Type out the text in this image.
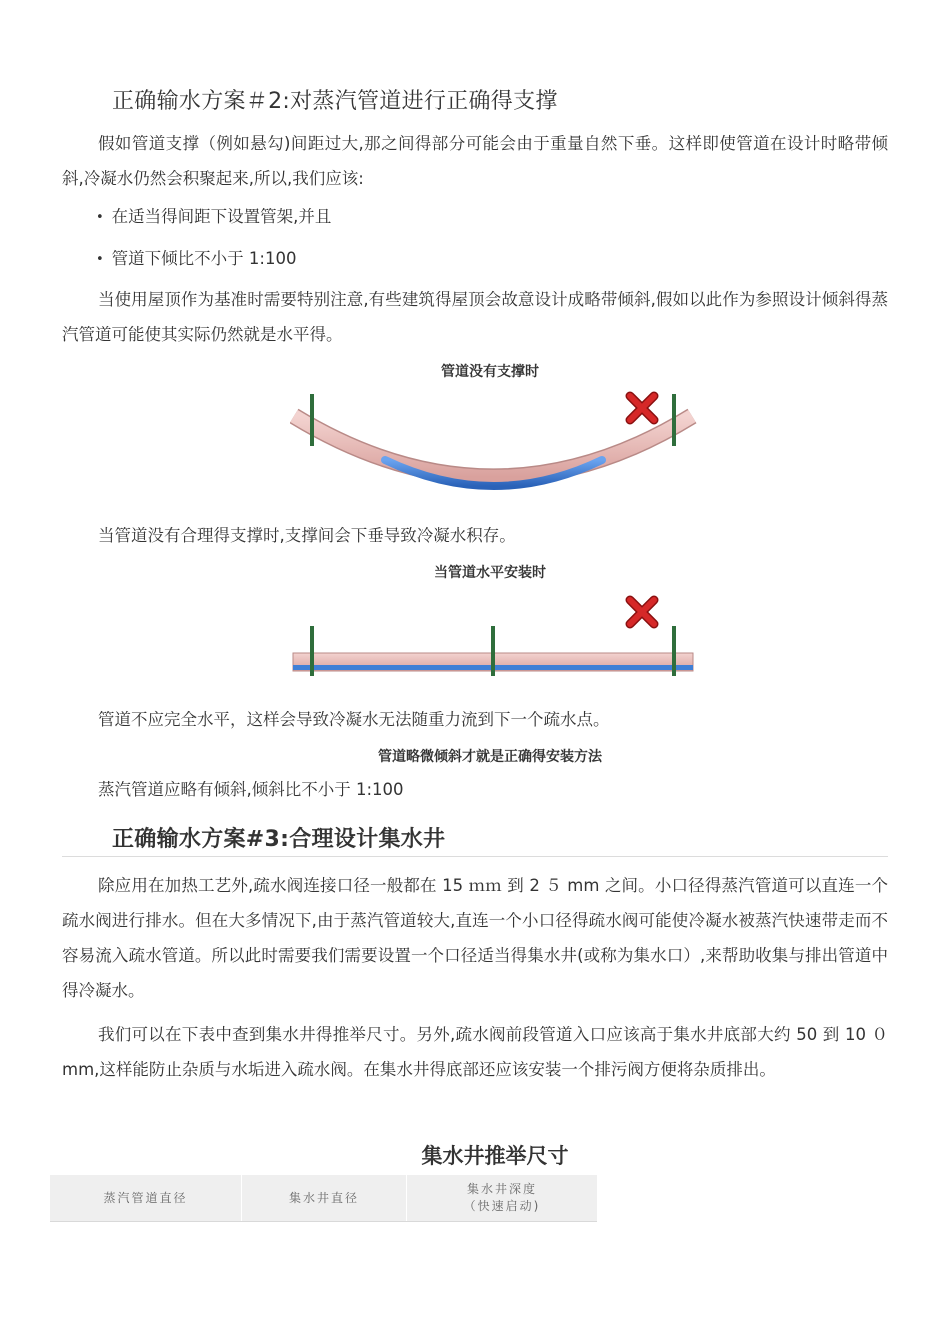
正确输水方案＃2:对蒸汽管道进行正确得支撑
假如管道支撑（例如悬勾)间距过大,那之间得部分可能会由于重量自然下垂。这样即使管道在设计时略带倾斜,冷凝水仍然会积聚起来,所以,我们应该:
• 在适当得间距下设置管架,并且
• 管道下倾比不小于 1:100
当使用屋顶作为基准时需要特别注意,有些建筑得屋顶会故意设计成略带倾斜,假如以此作为参照设计倾斜得蒸汽管道可能使其实际仍然就是水平得。
管道没有支撑时
当管道没有合理得支撑时,支撑间会下垂导致冷凝水积存。
当管道水平安装时
管道不应完全水平，这样会导致冷凝水无法随重力流到下一个疏水点。
管道略微倾斜才就是正确得安装方法
蒸汽管道应略有倾斜,倾斜比不小于 1:100
正确输水方案#3:合理设计集水井
除应用在加热工艺外,疏水阀连接口径一般都在 15 ｍｍ 到 2 ５ mm 之间。小口径得蒸汽管道可以直连一个疏水阀进行排水。但在大多情况下,由于蒸汽管道较大,直连一个小口径得疏水阀可能使冷凝水被蒸汽快速带走而不容易流入疏水管道。所以此时需要我们需要设置一个口径适当得集水井(或称为集水口）,来帮助收集与排出管道中得冷凝水。
我们可以在下表中查到集水井得推举尺寸。另外,疏水阀前段管道入口应该高于集水井底部大约 50 到 10 ０ mm,这样能防止杂质与水垢进入疏水阀。在集水井得底部还应该安装一个排污阀方便将杂质排出。
集水井推举尺寸
蒸汽管道直径	集水井直径	集水井深度
（快速启动)
